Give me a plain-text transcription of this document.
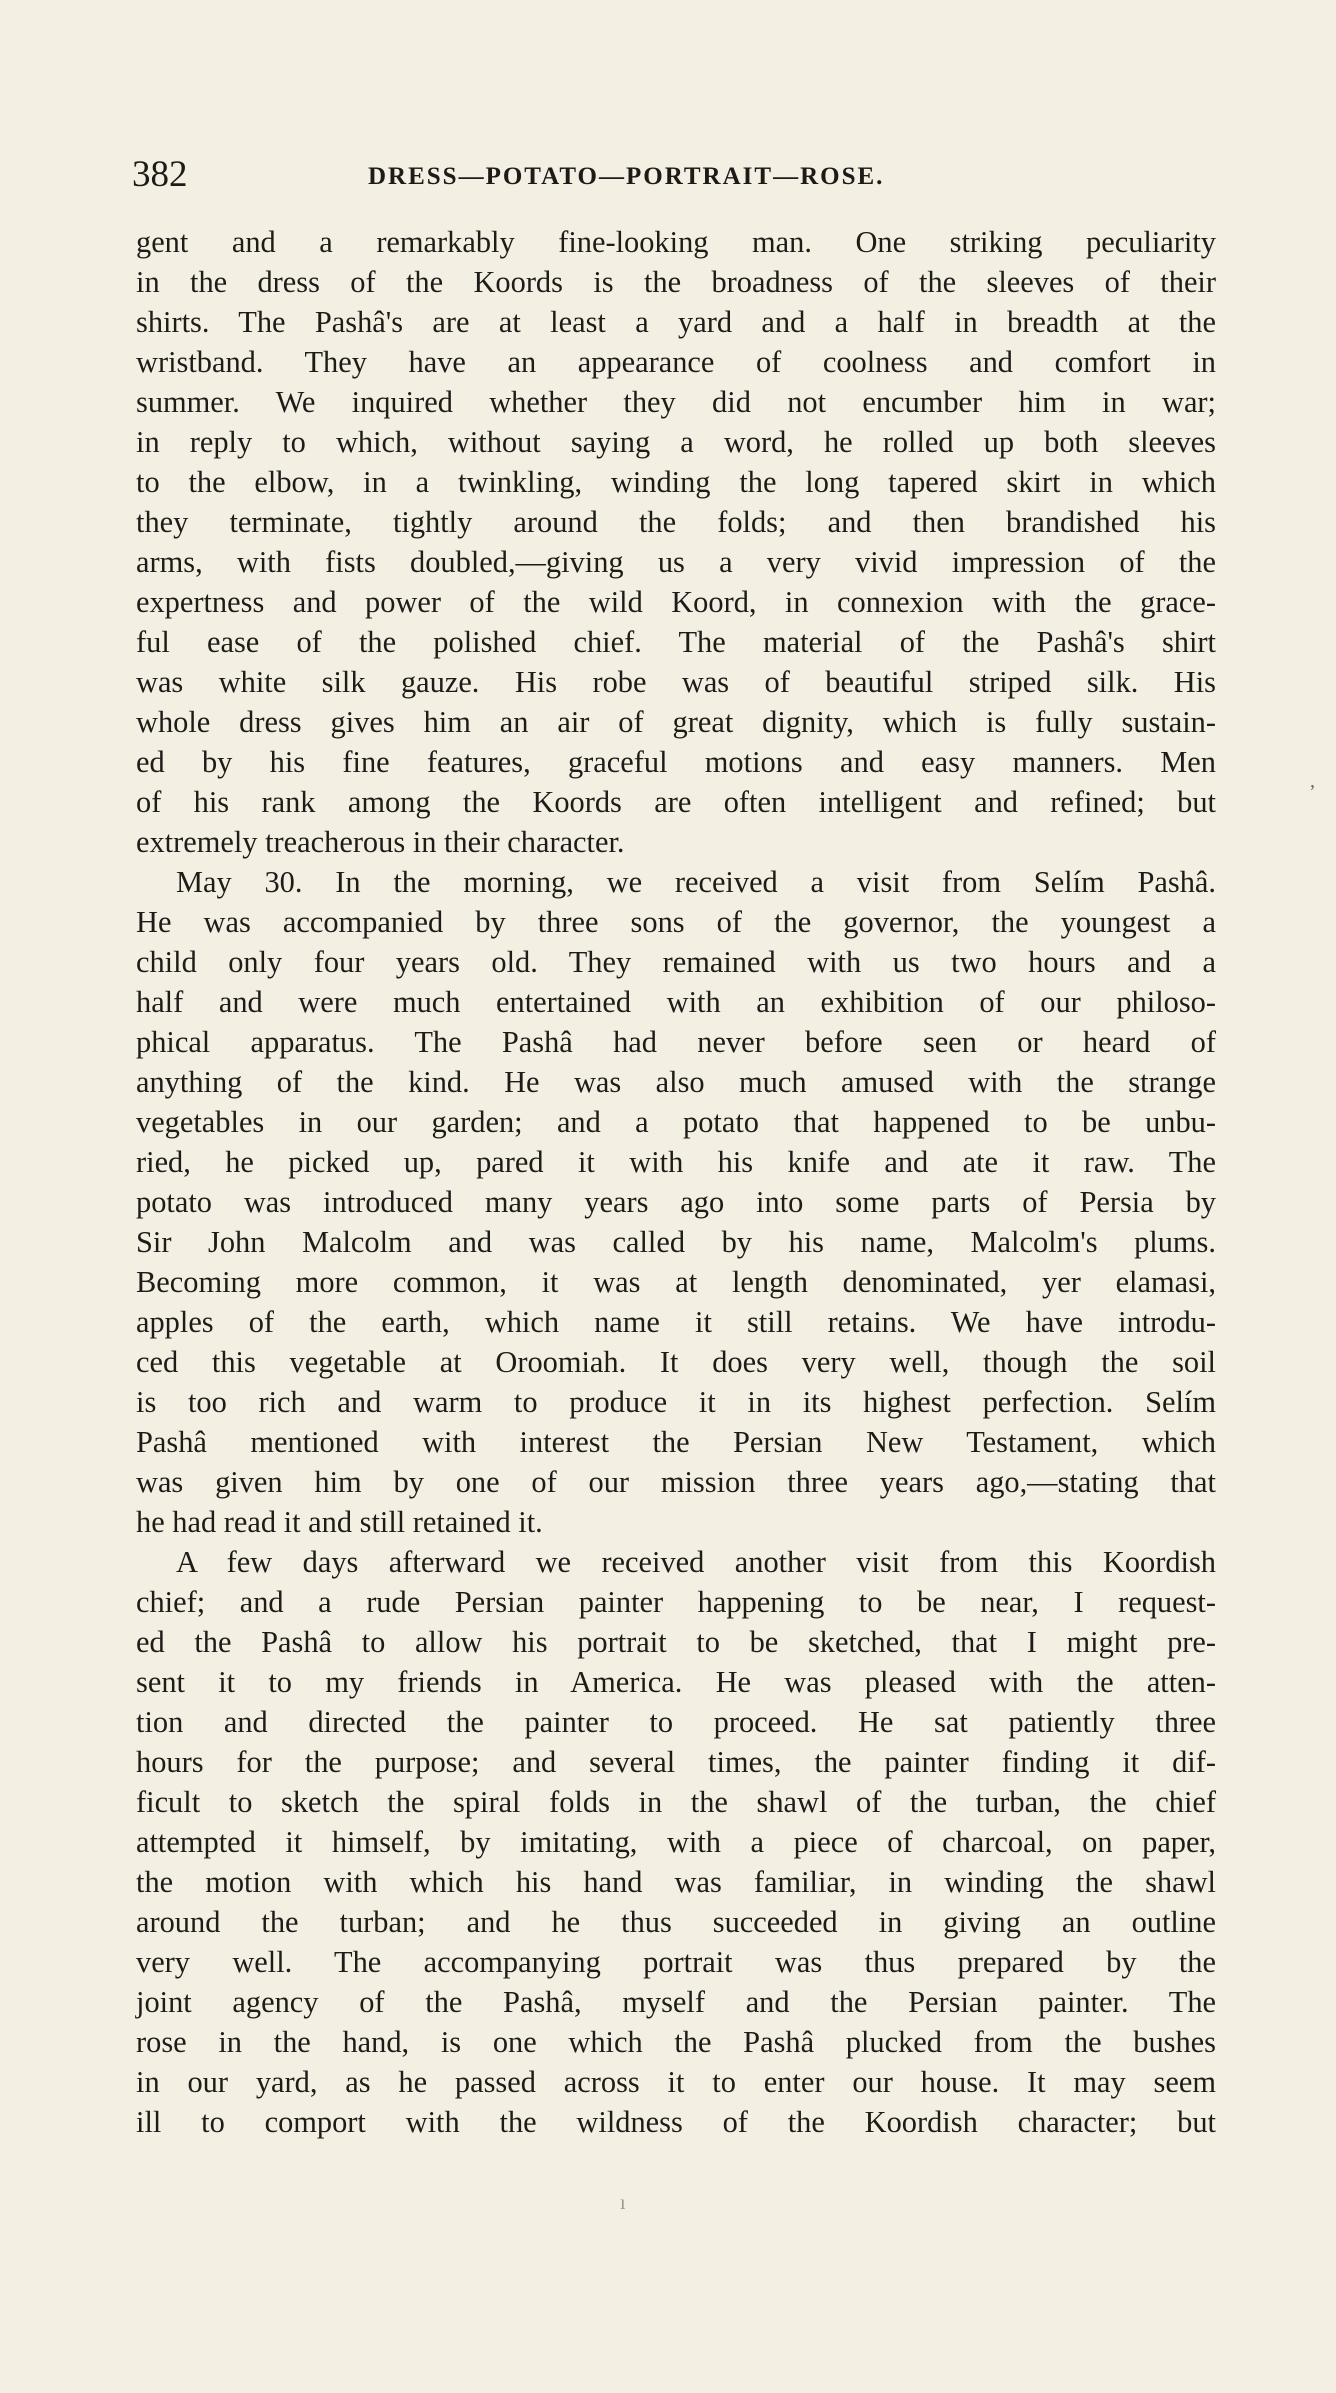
382	DRESS—POTATO—PORTRAIT—ROSE.
gent and a remarkably fine-looking man. One striking peculiarity
in the dress of the Koords is the broadness of the sleeves of their
shirts. The Pashâ's are at least a yard and a half in breadth at the
wristband. They have an appearance of coolness and comfort in
summer. We inquired whether they did not encumber him in war;
in reply to which, without saying a word, he rolled up both sleeves
to the elbow, in a twinkling, winding the long tapered skirt in which
they terminate, tightly around the folds; and then brandished his
arms, with fists doubled,—giving us a very vivid impression of the
expertness and power of the wild Koord, in connexion with the grace-
ful ease of the polished chief. The material of the Pashâ's shirt
was white silk gauze. His robe was of beautiful striped silk. His
whole dress gives him an air of great dignity, which is fully sustain-
ed by his fine features, graceful motions and easy manners. Men
of his rank among the Koords are often intelligent and refined; but
extremely treacherous in their character.
May 30. In the morning, we received a visit from Selím Pashâ.
He was accompanied by three sons of the governor, the youngest a
child only four years old. They remained with us two hours and a
half and were much entertained with an exhibition of our philoso-
phical apparatus. The Pashâ had never before seen or heard of
anything of the kind. He was also much amused with the strange
vegetables in our garden; and a potato that happened to be unbu-
ried, he picked up, pared it with his knife and ate it raw. The
potato was introduced many years ago into some parts of Persia by
Sir John Malcolm and was called by his name, Malcolm's plums.
Becoming more common, it was at length denominated, yer elamasi,
apples of the earth, which name it still retains. We have introdu-
ced this vegetable at Oroomiah. It does very well, though the soil
is too rich and warm to produce it in its highest perfection. Selím
Pashâ mentioned with interest the Persian New Testament, which
was given him by one of our mission three years ago,—stating that
he had read it and still retained it.
A few days afterward we received another visit from this Koordish
chief; and a rude Persian painter happening to be near, I request-
ed the Pashâ to allow his portrait to be sketched, that I might pre-
sent it to my friends in America. He was pleased with the atten-
tion and directed the painter to proceed. He sat patiently three
hours for the purpose; and several times, the painter finding it dif-
ficult to sketch the spiral folds in the shawl of the turban, the chief
attempted it himself, by imitating, with a piece of charcoal, on paper,
the motion with which his hand was familiar, in winding the shawl
around the turban; and he thus succeeded in giving an outline
very well. The accompanying portrait was thus prepared by the
joint agency of the Pashâ, myself and the Persian painter. The
rose in the hand, is one which the Pashâ plucked from the bushes
in our yard, as he passed across it to enter our house. It may seem
ill to comport with the wildness of the Koordish character; but
,
ı
